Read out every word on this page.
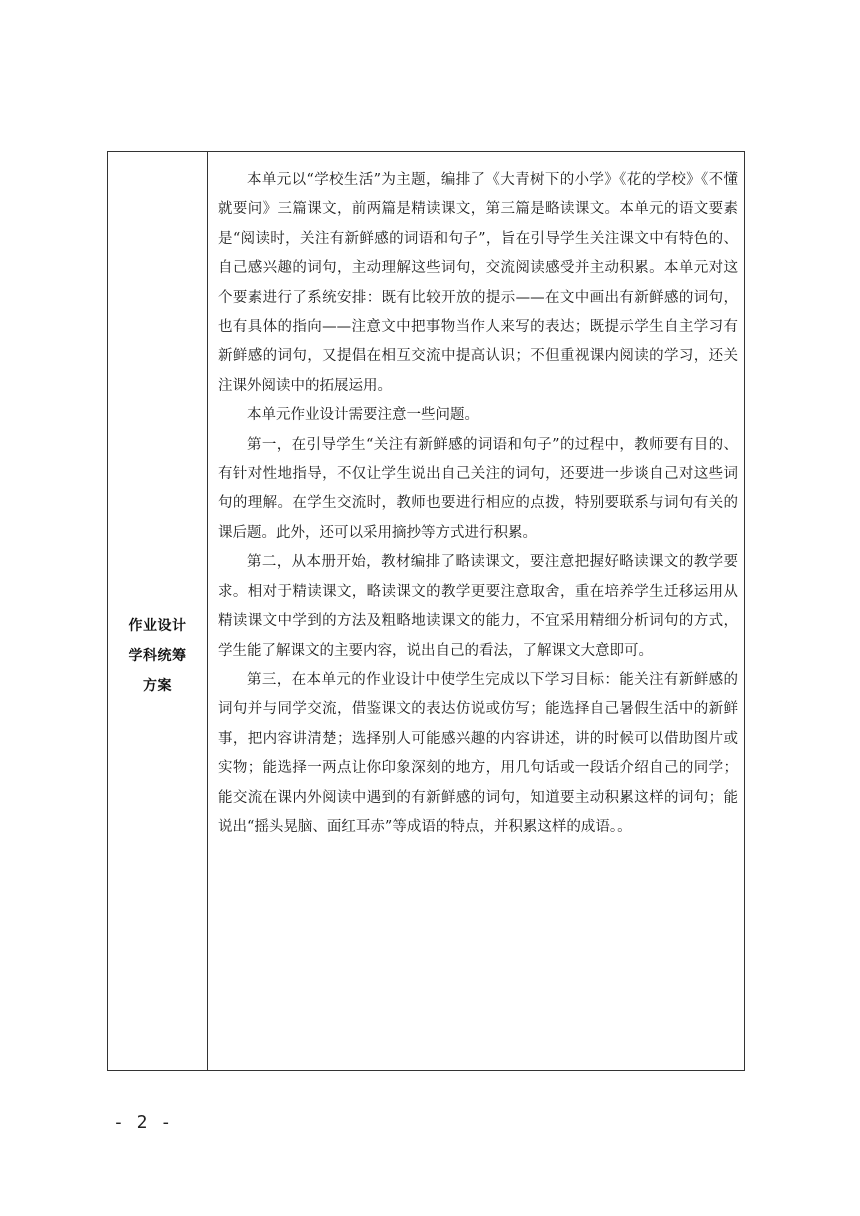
作业设计
学科统筹
方案

本单元以“学校生活”为主题，编排了《大青树下的小学》《花的学校》《不懂就要问》三篇课文，前两篇是精读课文，第三篇是略读课文。本单元的语文要素是“阅读时，关注有新鲜感的词语和句子”，旨在引导学生关注课文中有特色的、自己感兴趣的词句，主动理解这些词句，交流阅读感受并主动积累。本单元对这个要素进行了系统安排：既有比较开放的提示——在文中画出有新鲜感的词句，也有具体的指向——注意文中把事物当作人来写的表达；既提示学生自主学习有新鲜感的词句，又提倡在相互交流中提高认识；不但重视课内阅读的学习，还关注课外阅读中的拓展运用。

本单元作业设计需要注意一些问题。

第一，在引导学生“关注有新鲜感的词语和句子”的过程中，教师要有目的、有针对性地指导，不仅让学生说出自己关注的词句，还要进一步谈自己对这些词句的理解。在学生交流时，教师也要进行相应的点拨，特别要联系与词句有关的课后题。此外，还可以采用摘抄等方式进行积累。

第二，从本册开始，教材编排了略读课文，要注意把握好略读课文的教学要求。相对于精读课文，略读课文的教学更要注意取舍，重在培养学生迁移运用从精读课文中学到的方法及粗略地读课文的能力，不宜采用精细分析词句的方式，学生能了解课文的主要内容，说出自己的看法，了解课文大意即可。

第三，在本单元的作业设计中使学生完成以下学习目标：能关注有新鲜感的词句并与同学交流，借鉴课文的表达仿说或仿写；能选择自己暑假生活中的新鲜事，把内容讲清楚；选择别人可能感兴趣的内容讲述，讲的时候可以借助图片或实物；能选择一两点让你印象深刻的地方，用几句话或一段话介绍自己的同学；能交流在课内外阅读中遇到的有新鲜感的词句，知道要主动积累这样的词句；能说出“摇头晃脑、面红耳赤”等成语的特点，并积累这样的成语。。

- 2 -
